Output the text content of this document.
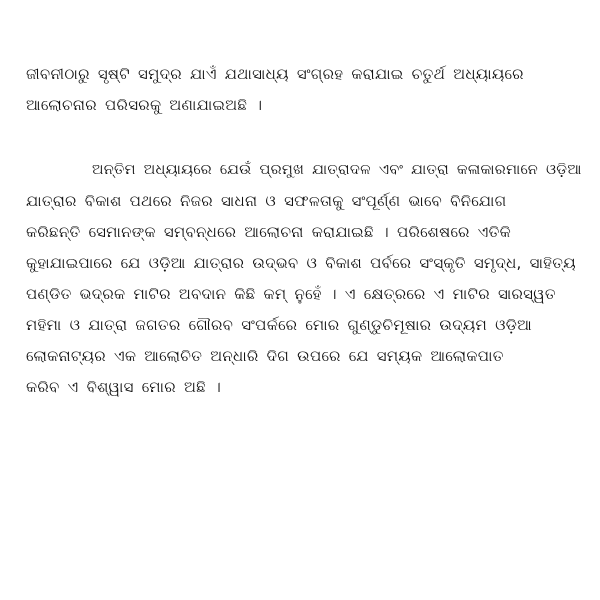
ଜୀବନୀଠାରୁ ସୃଷ୍ଟି ସମୁଦ୍ର ଯାଏଁ ଯଥାସାଧ୍ୟ ସଂଗ୍ରହ କରାଯାଇ ଚତୁର୍ଥ ଅଧ୍ୟାୟରେ
ଆଲୋଚନାର ପରିସରକୁ ଅଣାଯାଇଅଛି ।
ଅନ୍ତିମ ଅଧ୍ୟାୟରେ ଯେଉଁ ପ୍ରମୁଖ ଯାତ୍ରାଦଳ ଏବଂ ଯାତ୍ରା କଳାକାରମାନେ ଓଡ଼ିଆ
ଯାତ୍ରାର ବିକାଶ ପଥରେ ନିଜର ସାଧନା ଓ ସଫଳତାକୁ ସଂପୂର୍ଣ୍ଣ ଭାବେ ବିନିଯୋଗ
କରିଛନ୍ତି ସେମାନଙ୍କ ସମ୍ବନ୍ଧରେ ଆଲୋଚନା କରାଯାଇଛି । ପରିଶେଷରେ ଏତିକି
କୁହାଯାଇପାରେ ଯେ ଓଡ଼ିଆ ଯାତ୍ରାର ଉଦ୍ଭବ ଓ ବିକାଶ ପର୍ବରେ ସଂସ୍କୃତି ସମୃଦ୍ଧ, ସାହିତ୍ୟ
ପଣ୍ଡିତ ଭଦ୍ରକ ମାଟିର ଅବଦାନ କିଛି କମ୍ ନୁହେଁ । ଏ କ୍ଷେତ୍ରରେ ଏ ମାଟିର ସାରସ୍ୱତ
ମହିମା ଓ ଯାତ୍ରା ଜଗତର ଗୌରବ ସଂପର୍କରେ ମୋର ଗୁଣ୍ଡୁଚିମୂଷାର ଉଦ୍ୟମ ଓଡ଼ିଆ
ଲୋକନାଟ୍ୟର ଏକ ଆଲୋଚିତ ଅନ୍ଧାରି ଦିଗ ଉପରେ ଯେ ସମ୍ୟକ ଆଲୋକପାତ
କରିବ ଏ ବିଶ୍ୱାସ ମୋର ଅଛି ।
